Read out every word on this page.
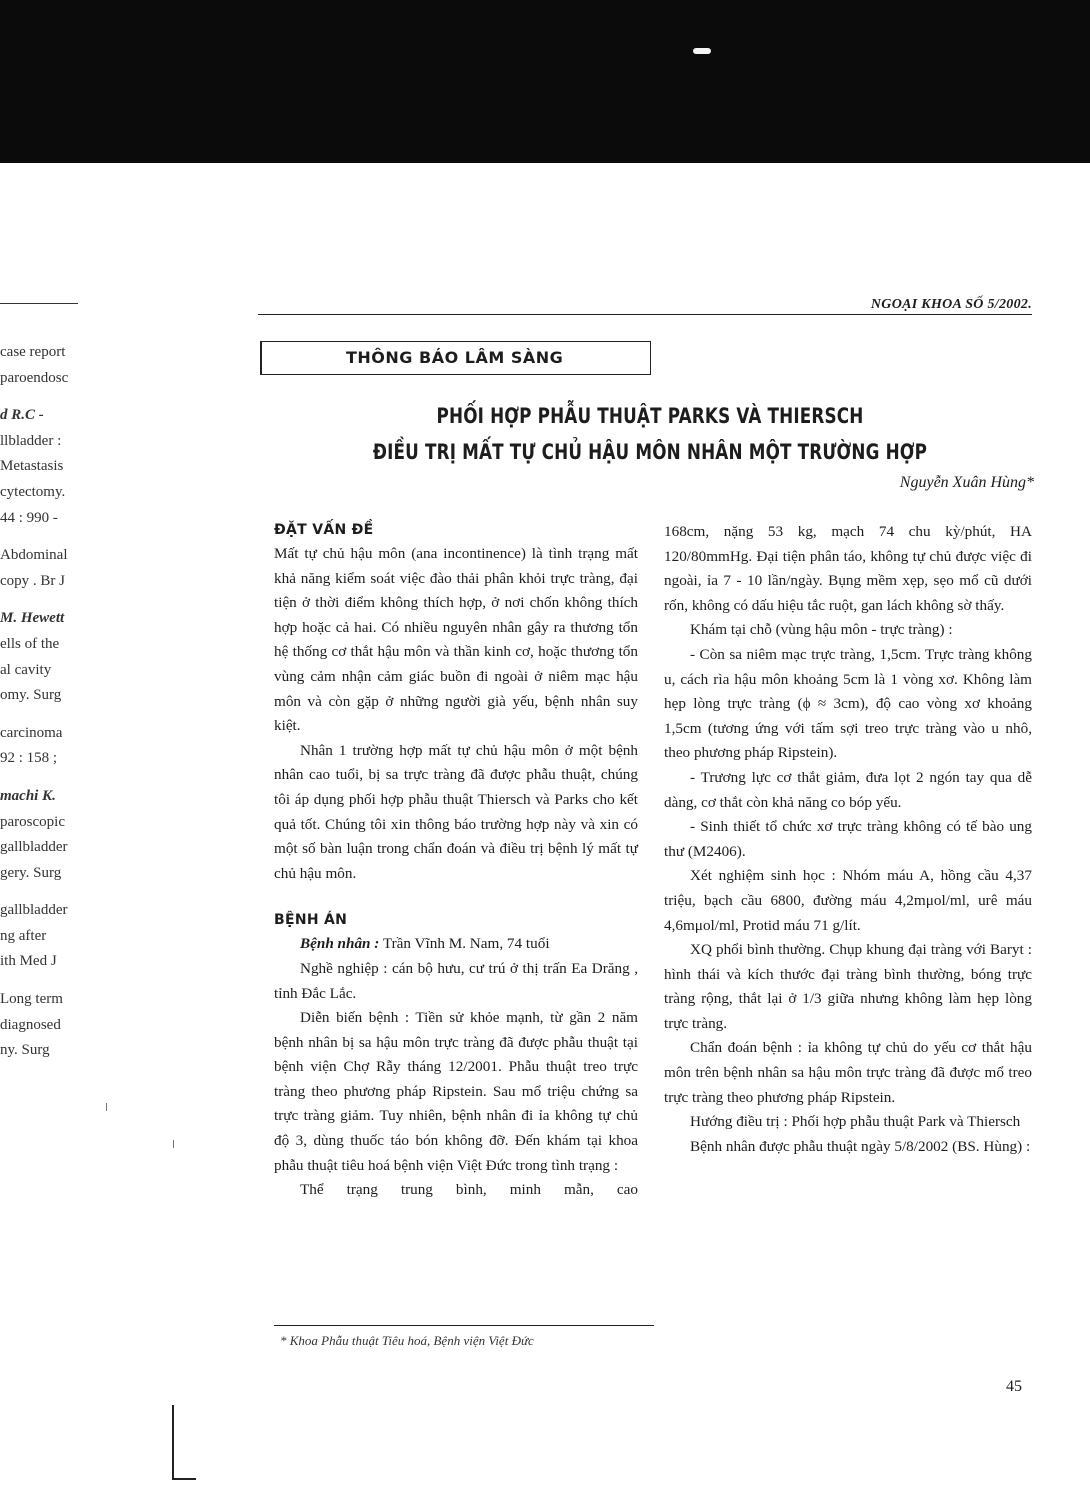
case report
paroendosc
d R.C -
llbladder :
Metastasis
cytectomy.
44 : 990 -
Abdominal
copy . Br J
M. Hewett
ells of the
al cavity
omy. Surg
carcinoma
92 : 158 ;
machi K.
paroscopic
gallbladder
gery. Surg
gallbladder
ng after
ith Med J
Long term
diagnosed
ny. Surg
NGOẠI KHOA SỐ 5/2002.
THÔNG BÁO LÂM SÀNG
PHỐI HỢP PHẪU THUẬT PARKS VÀ THIERSCH
ĐIỀU TRỊ MẤT TỰ CHỦ HẬU MÔN NHÂN MỘT TRƯỜNG HỢP
Nguyễn Xuân Hùng*
ĐẶT VẤN ĐỀ

Mất tự chủ hậu môn (ana incontinence) là tình trạng mất khả năng kiểm soát việc đào thải phân khỏi trực tràng, đại tiện ở thời điểm không thích hợp, ở nơi chốn không thích hợp hoặc cả hai. Có nhiều nguyên nhân gây ra thương tổn hệ thống cơ thắt hậu môn và thần kinh cơ, hoặc thương tổn vùng cảm nhận cảm giác buồn đi ngoài ở niêm mạc hậu môn và còn gặp ở những người già yếu, bệnh nhân suy kiệt.

Nhân 1 trường hợp mất tự chủ hậu môn ở một bệnh nhân cao tuổi, bị sa trực tràng đã được phẫu thuật, chúng tôi áp dụng phối hợp phẫu thuật Thiersch và Parks cho kết quả tốt. Chúng tôi xin thông báo trường hợp này và xin có một số bàn luận trong chẩn đoán và điều trị bệnh lý mất tự chủ hậu môn.

BỆNH ÁN

Bệnh nhân : Trần Vĩnh M. Nam, 74 tuổi

Nghề nghiệp : cán bộ hưu, cư trú ở thị trấn Ea Drăng , tỉnh Đắc Lắc.

Diễn biến bệnh : Tiền sử khỏe mạnh, từ gần 2 năm bệnh nhân bị sa hậu môn trực tràng đã được phẫu thuật tại bệnh viện Chợ Rẫy tháng 12/2001. Phẫu thuật treo trực tràng theo phương pháp Ripstein. Sau mổ triệu chứng sa trực tràng giảm. Tuy nhiên, bệnh nhân đi ỉa không tự chủ độ 3, dùng thuốc táo bón không đỡ. Đến khám tại khoa phẫu thuật tiêu hoá bệnh viện Việt Đức trong tình trạng :

Thể trạng trung bình, minh mẫn, cao

168cm, nặng 53 kg, mạch 74 chu kỳ/phút, HA 120/80mmHg. Đại tiện phân táo, không tự chủ được việc đi ngoài, ỉa 7 - 10 lần/ngày. Bụng mềm xẹp, sẹo mổ cũ dưới rốn, không có dấu hiệu tắc ruột, gan lách không sờ thấy.

Khám tại chỗ (vùng hậu môn - trực tràng) :

- Còn sa niêm mạc trực tràng, 1,5cm. Trực tràng không u, cách rìa hậu môn khoảng 5cm là 1 vòng xơ. Không làm hẹp lòng trực tràng (ϕ ≈ 3cm), độ cao vòng xơ khoảng 1,5cm (tương ứng với tấm sợi treo trực tràng vào u nhô, theo phương pháp Ripstein).

- Trương lực cơ thắt giảm, đưa lọt 2 ngón tay qua dễ dàng, cơ thắt còn khả năng co bóp yếu.

- Sinh thiết tổ chức xơ trực tràng không có tế bào ung thư (M2406).

Xét nghiệm sinh học : Nhóm máu A, hồng cầu 4,37 triệu, bạch cầu 6800, đường máu 4,2mμol/ml, urê máu 4,6mμol/ml, Protid máu 71 g/lít.

XQ phổi bình thường. Chụp khung đại tràng với Baryt : hình thái và kích thước đại tràng bình thường, bóng trực tràng rộng, thắt lại ở 1/3 giữa nhưng không làm hẹp lòng trực tràng.

Chẩn đoán bệnh : ỉa không tự chủ do yếu cơ thắt hậu môn trên bệnh nhân sa hậu môn trực tràng đã được mổ treo trực tràng theo phương pháp Ripstein.

Hướng điều trị : Phối hợp phẫu thuật Park và Thiersch

Bệnh nhân được phẫu thuật ngày 5/8/2002 (BS. Hùng) :

* Khoa Phẫu thuật Tiêu hoá, Bệnh viện Việt Đức
45
